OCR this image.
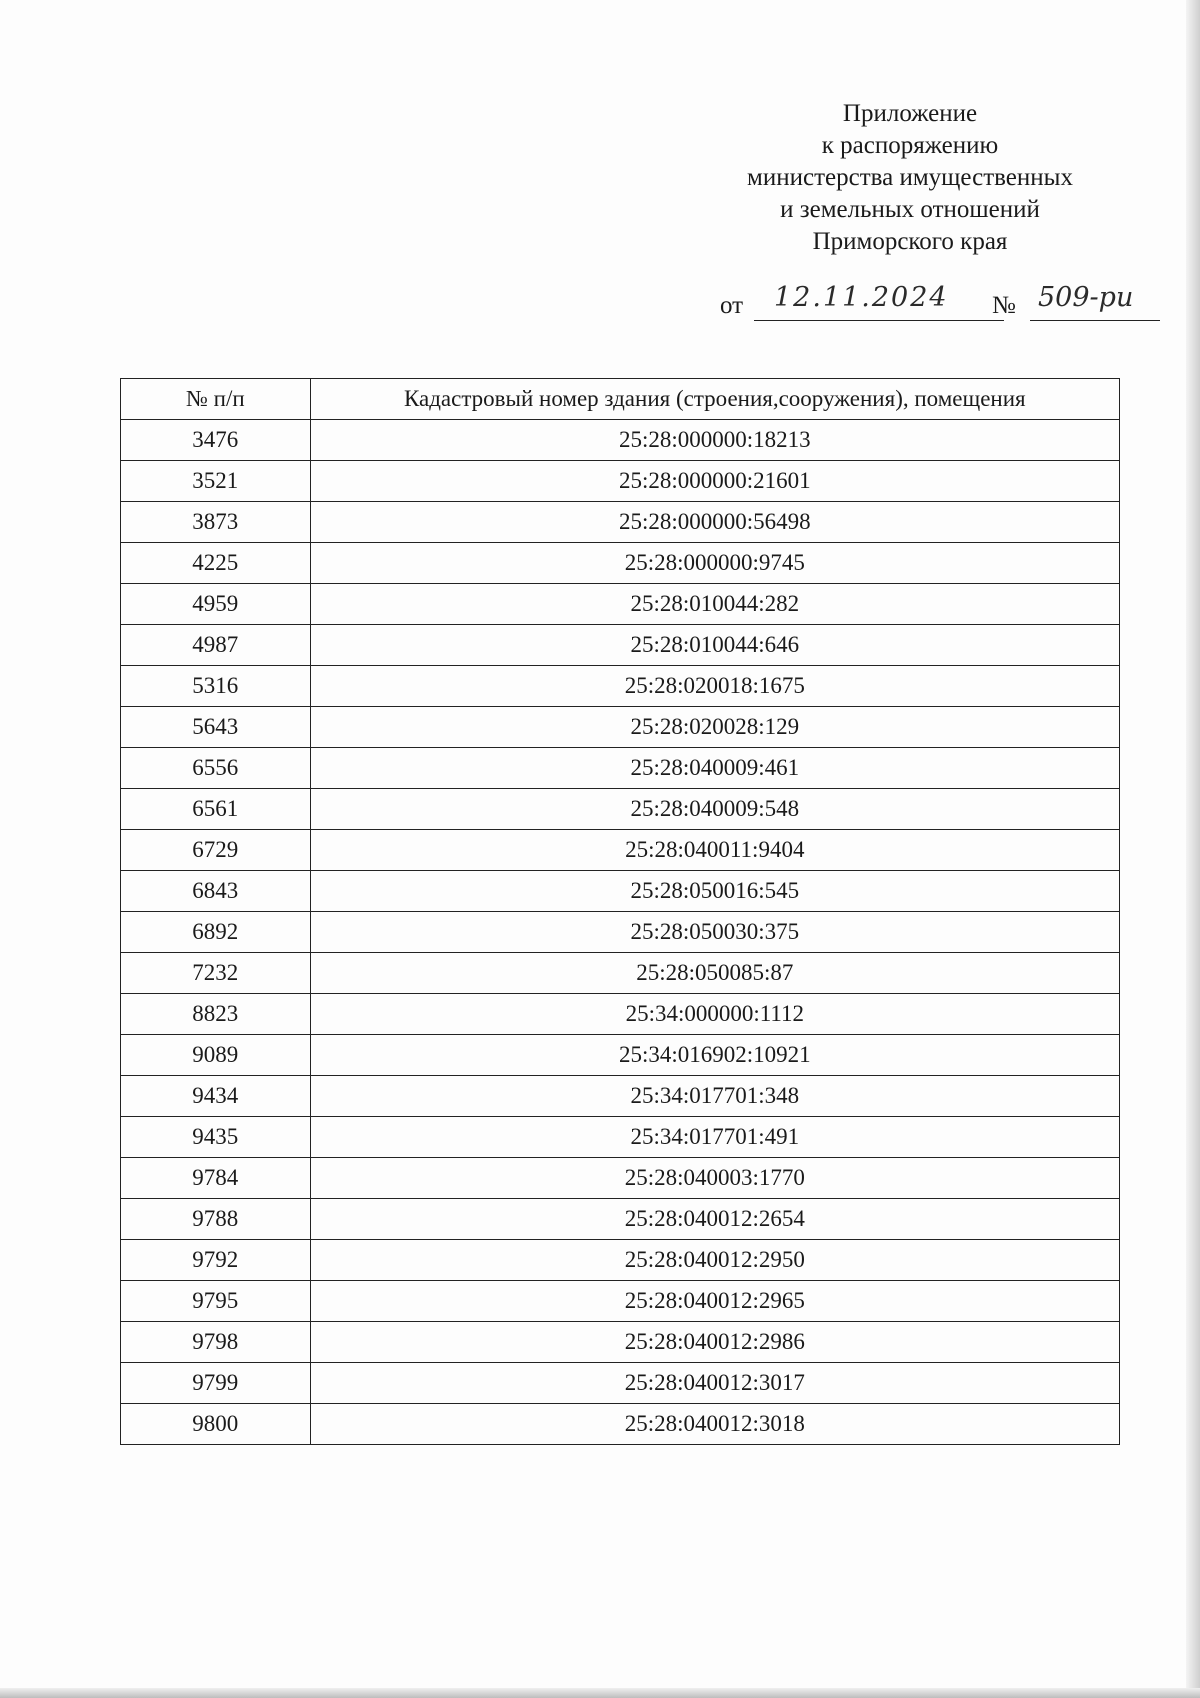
Приложение
к распоряжению
министерства имущественных
и земельных отношений
Приморского края
от 12.11.2024 № 509-ри
№ п/п	Кадастровый номер здания (строения,сооружения), помещения
3476	25:28:000000:18213
3521	25:28:000000:21601
3873	25:28:000000:56498
4225	25:28:000000:9745
4959	25:28:010044:282
4987	25:28:010044:646
5316	25:28:020018:1675
5643	25:28:020028:129
6556	25:28:040009:461
6561	25:28:040009:548
6729	25:28:040011:9404
6843	25:28:050016:545
6892	25:28:050030:375
7232	25:28:050085:87
8823	25:34:000000:1112
9089	25:34:016902:10921
9434	25:34:017701:348
9435	25:34:017701:491
9784	25:28:040003:1770
9788	25:28:040012:2654
9792	25:28:040012:2950
9795	25:28:040012:2965
9798	25:28:040012:2986
9799	25:28:040012:3017
9800	25:28:040012:3018
